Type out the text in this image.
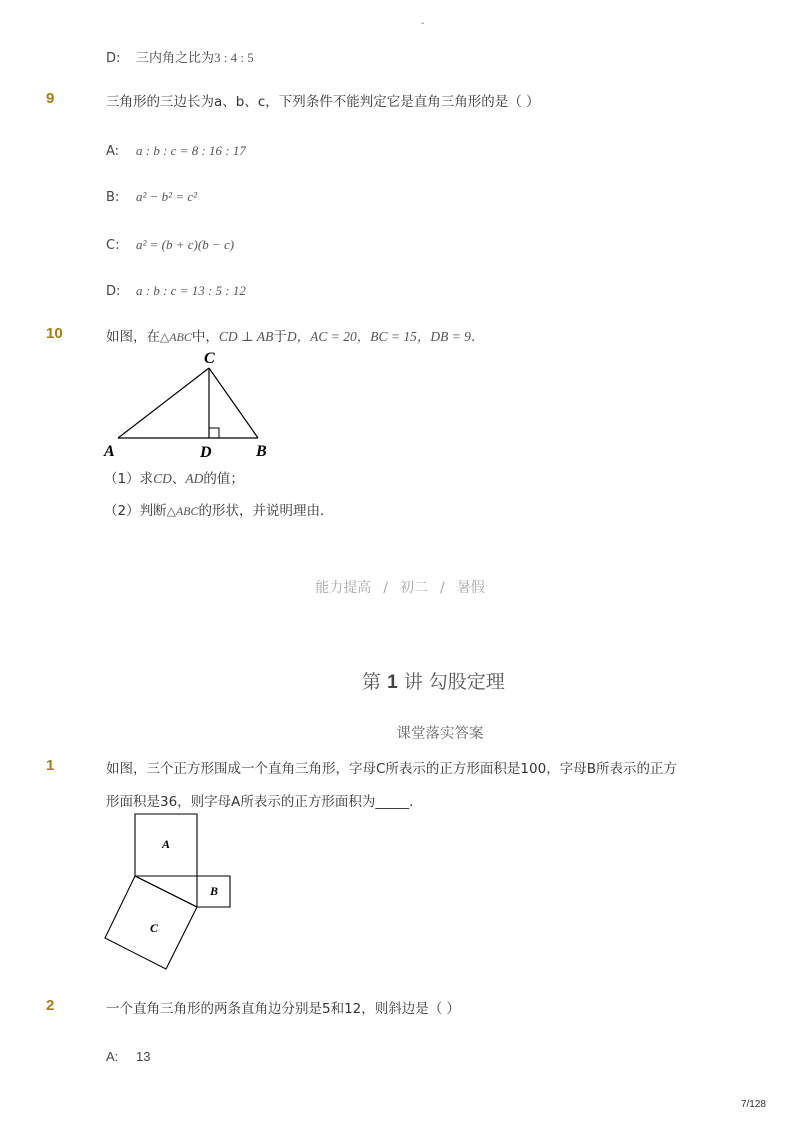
-
D: 三内角之比为3 : 4 : 5
9	三角形的三边长为a、b、c，下列条件不能判定它是直角三角形的是（ ）
A: a : b : c = 8 : 16 : 17
B: a² − b² = c²
C: a² = (b + c)(b − c)
D: a : b : c = 13 : 5 : 12
10	如图，在△ABC中，CD ⊥ AB于D，AC = 20，BC = 15，DB = 9．
C
A	D	B
（1）求CD、AD的值；
（2）判断△ABC的形状，并说明理由．
能力提高 / 初二 / 暑假
第 1 讲 勾股定理
课堂落实答案
1	如图，三个正方形围成一个直角三角形，字母C所表示的正方形面积是100，字母B所表示的正方
形面积是36，则字母A所表示的正方形面积为_____．
A
B
C
2	一个直角三角形的两条直角边分别是5和12，则斜边是（ ）
A: 13
7/128
